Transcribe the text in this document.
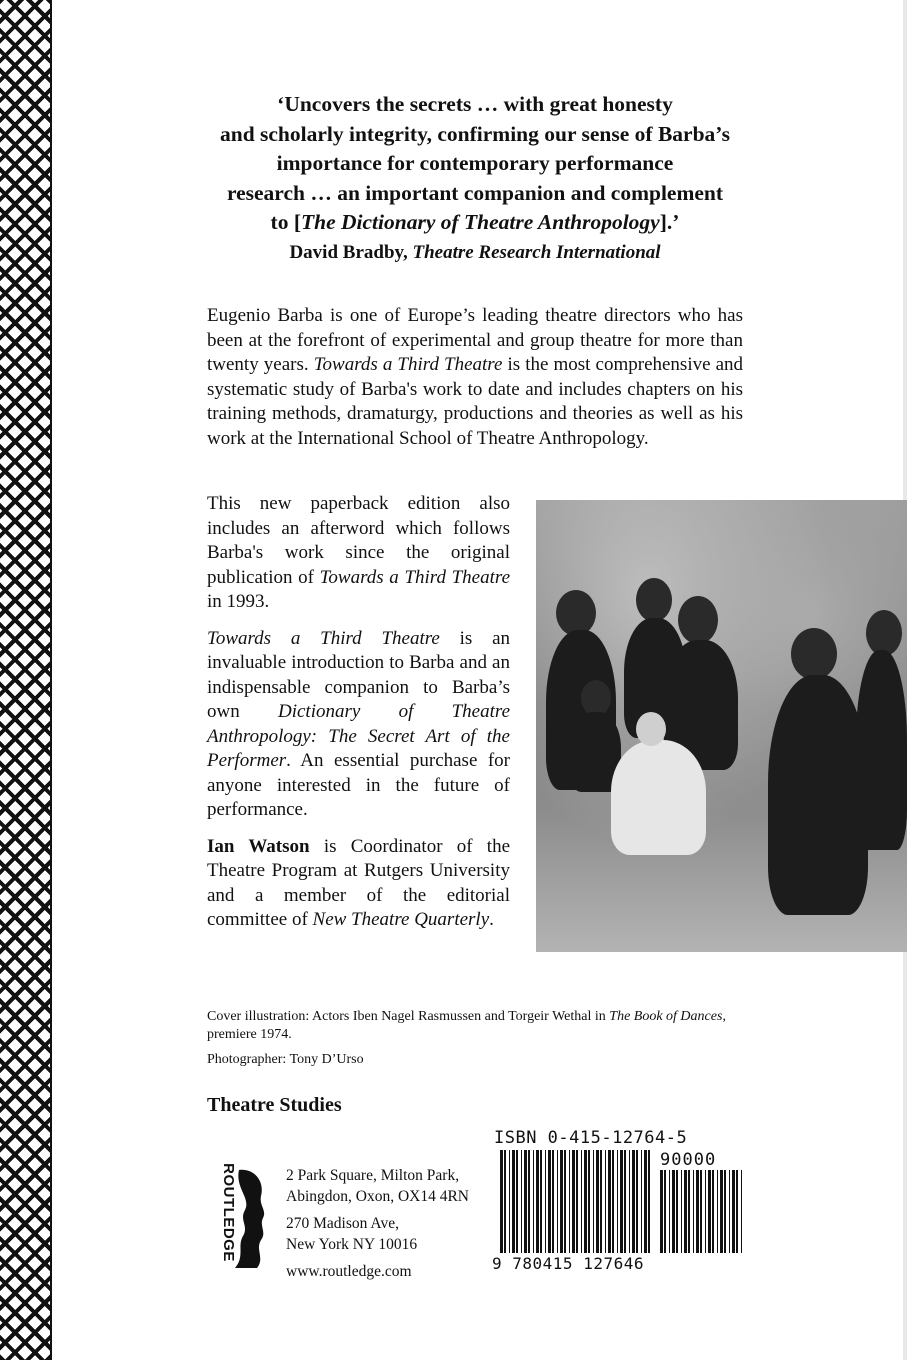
‘Uncovers the secrets … with great honesty
and scholarly integrity, confirming our sense of Barba’s
importance for contemporary performance
research … an important companion and complement
to [The Dictionary of Theatre Anthropology].’
David Bradby, Theatre Research International

Eugenio Barba is one of Europe’s leading theatre directors who has been at the forefront of experimental and group theatre for more than twenty years. Towards a Third Theatre is the most comprehensive and systematic study of Barba's work to date and includes chapters on his training methods, dramaturgy, productions and theories as well as his work at the International School of Theatre Anthropology.

This new paperback edition also includes an afterword which follows Barba's work since the original publication of Towards a Third Theatre in 1993.

Towards a Third Theatre is an invaluable introduction to Barba and an indispensable companion to Barba’s own Dictionary of Theatre Anthropology: The Secret Art of the Performer. An essential purchase for anyone interested in the future of performance.

Ian Watson is Coordinator of the Theatre Program at Rutgers University and a member of the editorial committee of New Theatre Quarterly.

Cover illustration: Actors Iben Nagel Rasmussen and Torgeir Wethal in The Book of Dances, premiere 1974.
Photographer: Tony D’Urso
Theatre Studies
ROUTLEDGE	2 Park Square, Milton Park,
Abingdon, Oxon, OX14 4RN
270 Madison Ave,
New York NY 10016
www.routledge.com
ISBN 0-415-12764-5
90000
9 780415 127646
